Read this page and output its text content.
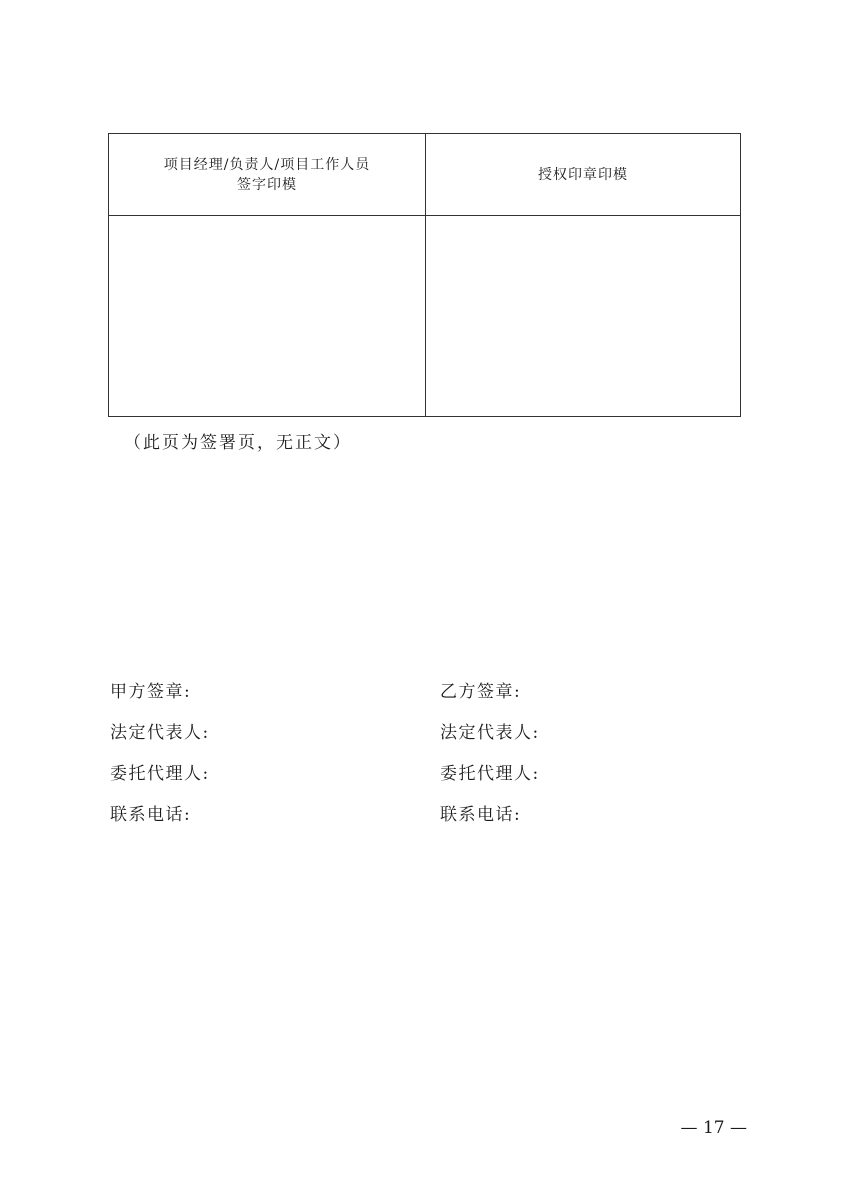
项目经理/负责人/项目工作人员
签字印模
授权印章印模
（此页为签署页，无正文）
甲方签章:
法定代表人:
委托代理人:
联系电话:
乙方签章:
法定代表人:
委托代理人:
联系电话:
— 17 —
